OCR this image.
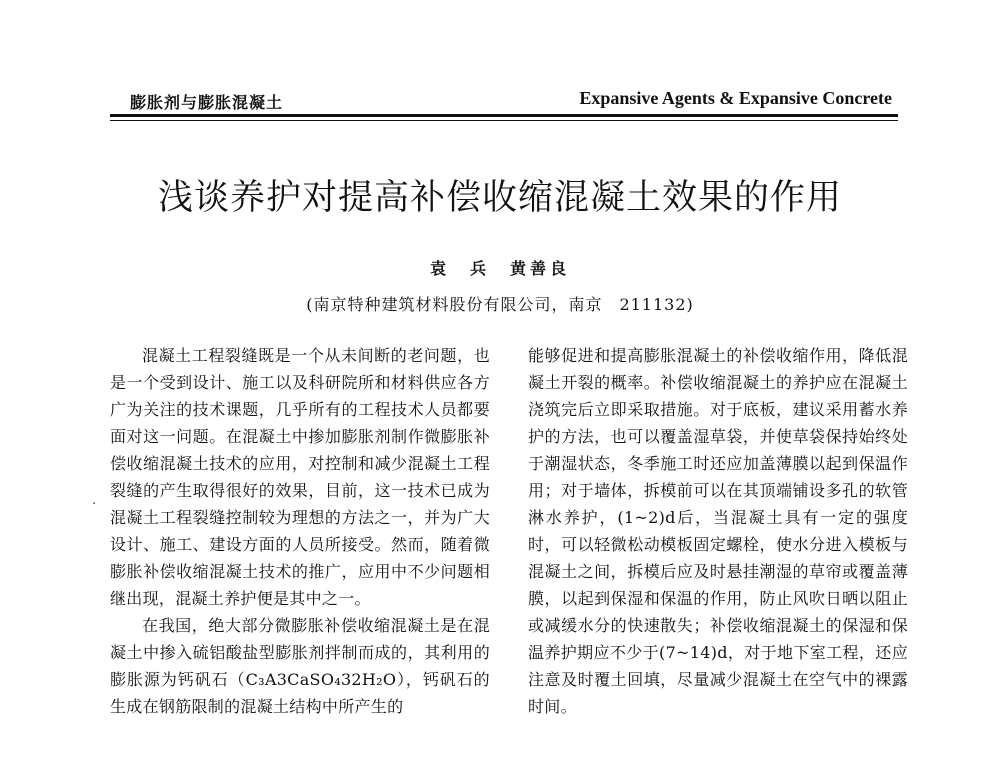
膨胀剂与膨胀混凝土	Expansive Agents & Expansive Concrete
浅谈养护对提高补偿收缩混凝土效果的作用
袁　兵　黄善良
(南京特种建筑材料股份有限公司，南京　211132)
·

混凝土工程裂缝既是一个从未间断的老问题，也是一个受到设计、施工以及科研院所和材料供应各方广为关注的技术课题，几乎所有的工程技术人员都要面对这一问题。在混凝土中掺加膨胀剂制作微膨胀补偿收缩混凝土技术的应用，对控制和减少混凝土工程裂缝的产生取得很好的效果，目前，这一技术已成为混凝土工程裂缝控制较为理想的方法之一，并为广大设计、施工、建设方面的人员所接受。然而，随着微膨胀补偿收缩混凝土技术的推广，应用中不少问题相继出现，混凝土养护便是其中之一。

在我国，绝大部分微膨胀补偿收缩混凝土是在混凝土中掺入硫铝酸盐型膨胀剂拌制而成的，其利用的膨胀源为钙矾石（C₃A3CaSO₄32H₂O），钙矾石的生成在钢筋限制的混凝土结构中所产生的

能够促进和提高膨胀混凝土的补偿收缩作用，降低混凝土开裂的概率。补偿收缩混凝土的养护应在混凝土浇筑完后立即采取措施。对于底板，建议采用蓄水养护的方法，也可以覆盖湿草袋，并使草袋保持始终处于潮湿状态，冬季施工时还应加盖薄膜以起到保温作用；对于墙体，拆模前可以在其顶端铺设多孔的软管淋水养护，(1~2)d后，当混凝土具有一定的强度时，可以轻微松动模板固定螺栓，使水分进入模板与混凝土之间，拆模后应及时悬挂潮湿的草帘或覆盖薄膜，以起到保湿和保温的作用，防止风吹日晒以阻止或减缓水分的快速散失；补偿收缩混凝土的保湿和保温养护期应不少于(7~14)d，对于地下室工程，还应注意及时覆土回填，尽量减少混凝土在空气中的裸露时间。
